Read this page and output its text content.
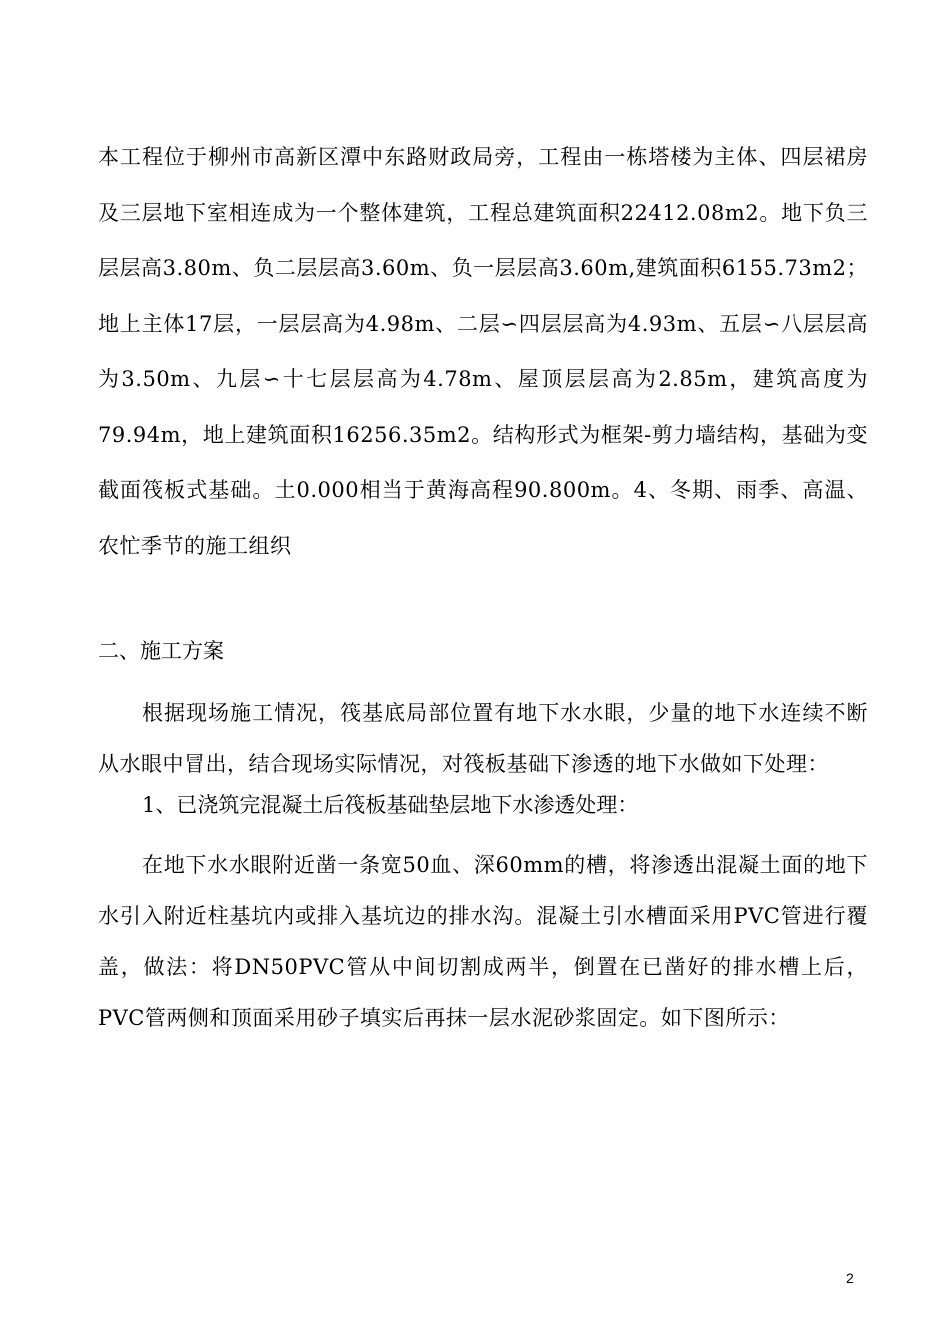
本工程位于柳州市高新区潭中东路财政局旁，工程由一栋塔楼为主体、四层裙房及三层地下室相连成为一个整体建筑，工程总建筑面积22412.08m2。地下负三层层高3.80m、负二层层高3.60m、负一层层高3.60m,建筑面积6155.73m2；地上主体17层，一层层高为4.98m、二层∽四层层高为4.93m、五层∽八层层高为3.50m、九层∽十七层层高为4.78m、屋顶层层高为2.85m，建筑高度为79.94m，地上建筑面积16256.35m2。结构形式为框架-剪力墙结构，基础为变截面筏板式基础。土0.000相当于黄海高程90.800m。4、冬期、雨季、高温、农忙季节的施工组织
二、施工方案
根据现场施工情况，筏基底局部位置有地下水水眼，少量的地下水连续不断从水眼中冒出，结合现场实际情况，对筏板基础下渗透的地下水做如下处理：
1、已浇筑完混凝土后筏板基础垫层地下水渗透处理：
在地下水水眼附近凿一条宽50血、深60mm的槽，将渗透出混凝土面的地下水引入附近柱基坑内或排入基坑边的排水沟。混凝土引水槽面采用PVC管进行覆盖，做法：将DN50PVC管从中间切割成两半，倒置在已凿好的排水槽上后，PVC管两侧和顶面采用砂子填实后再抹一层水泥砂浆固定。如下图所示：
2
